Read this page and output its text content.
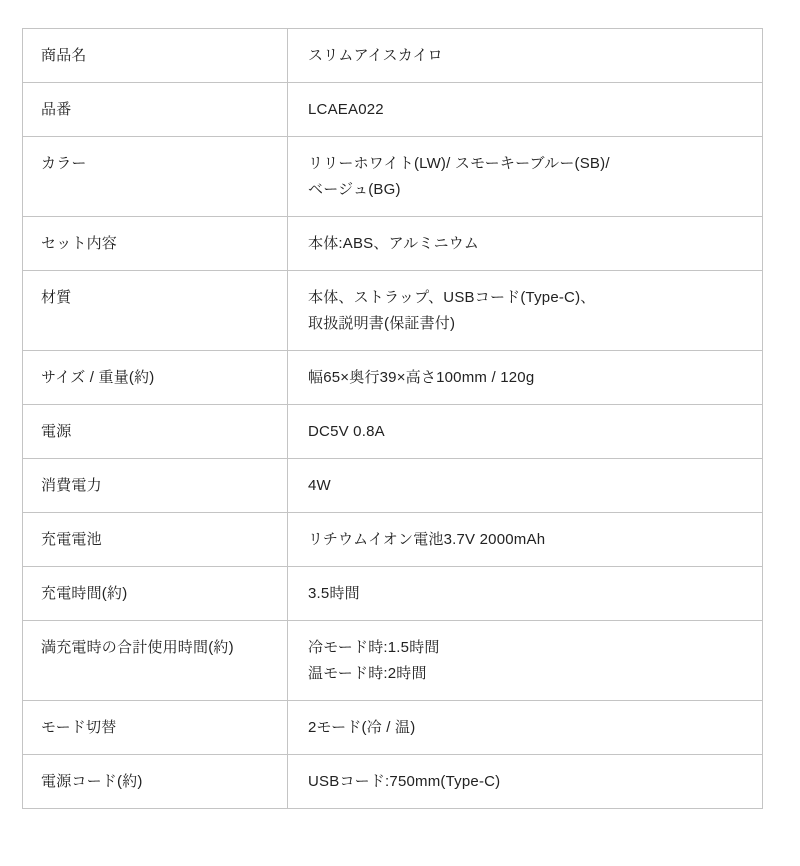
商品名	スリムアイスカイロ

品番	LCAEA022

カラー	リリーホワイト(LW)/ スモーキーブルー(SB)/
ベージュ(BG)

セット内容	本体:ABS、アルミニウム

材質	本体、ストラップ、USBコード(Type-C)、
取扱説明書(保証書付)

サイズ / 重量(約)	幅65×奥行39×高さ100mm / 120g

電源	DC5V 0.8A

消費電力	4W

充電電池	リチウムイオン電池3.7V 2000mAh

充電時間(約)	3.5時間

満充電時の合計使用時間(約)	冷モード時:1.5時間
温モード時:2時間

モード切替	2モード(冷 / 温)

電源コード(約)	USBコード:750mm(Type-C)
